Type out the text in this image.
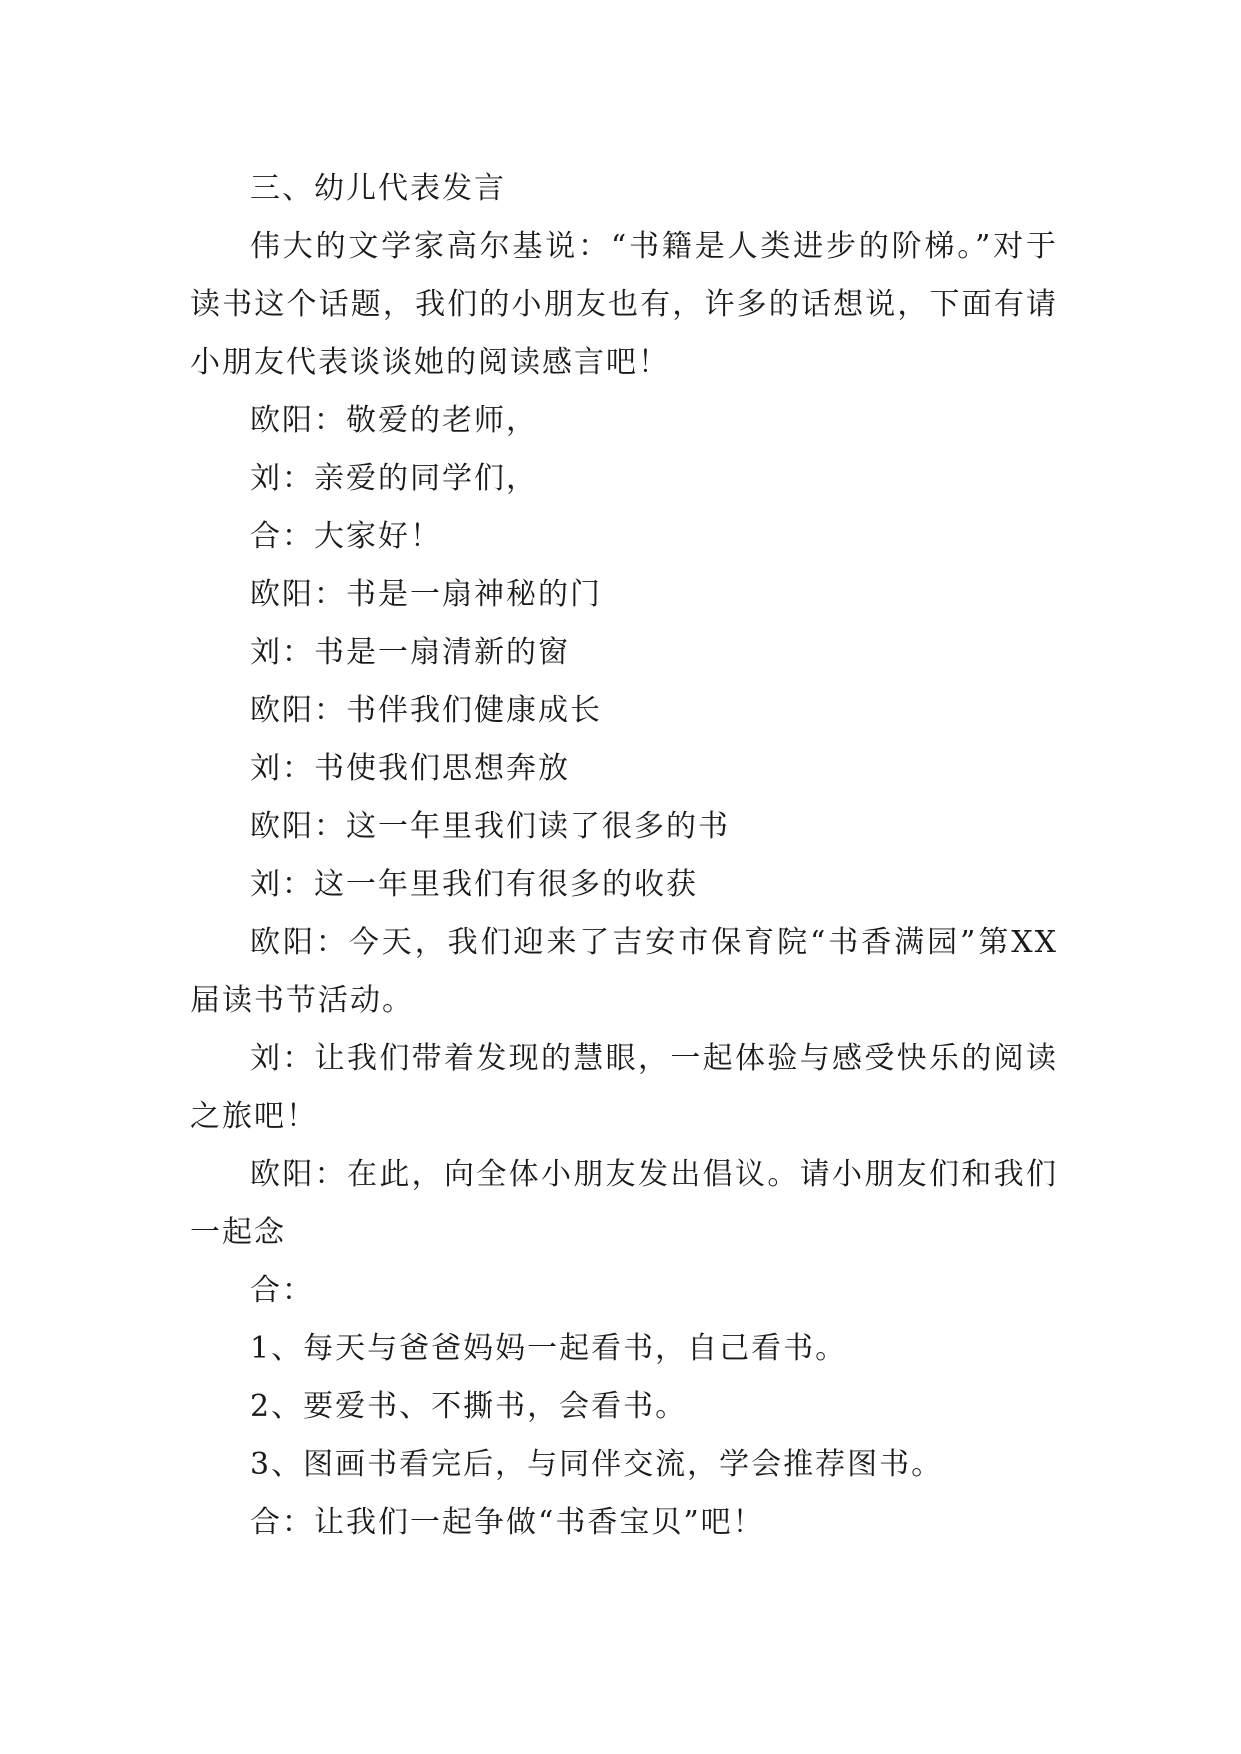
三、幼儿代表发言

伟大的文学家高尔基说：“书籍是人类进步的阶梯。”对于读书这个话题，我们的小朋友也有，许多的话想说，下面有请小朋友代表谈谈她的阅读感言吧！

欧阳：敬爱的老师，

刘：亲爱的同学们，

合：大家好！

欧阳：书是一扇神秘的门

刘：书是一扇清新的窗

欧阳：书伴我们健康成长

刘：书使我们思想奔放

欧阳：这一年里我们读了很多的书

刘：这一年里我们有很多的收获

欧阳：今天，我们迎来了吉安市保育院“书香满园”第XX届读书节活动。

刘：让我们带着发现的慧眼，一起体验与感受快乐的阅读之旅吧！

欧阳：在此，向全体小朋友发出倡议。请小朋友们和我们一起念

合：

1、每天与爸爸妈妈一起看书，自己看书。

2、要爱书、不撕书，会看书。

3、图画书看完后，与同伴交流，学会推荐图书。

合：让我们一起争做“书香宝贝”吧！
